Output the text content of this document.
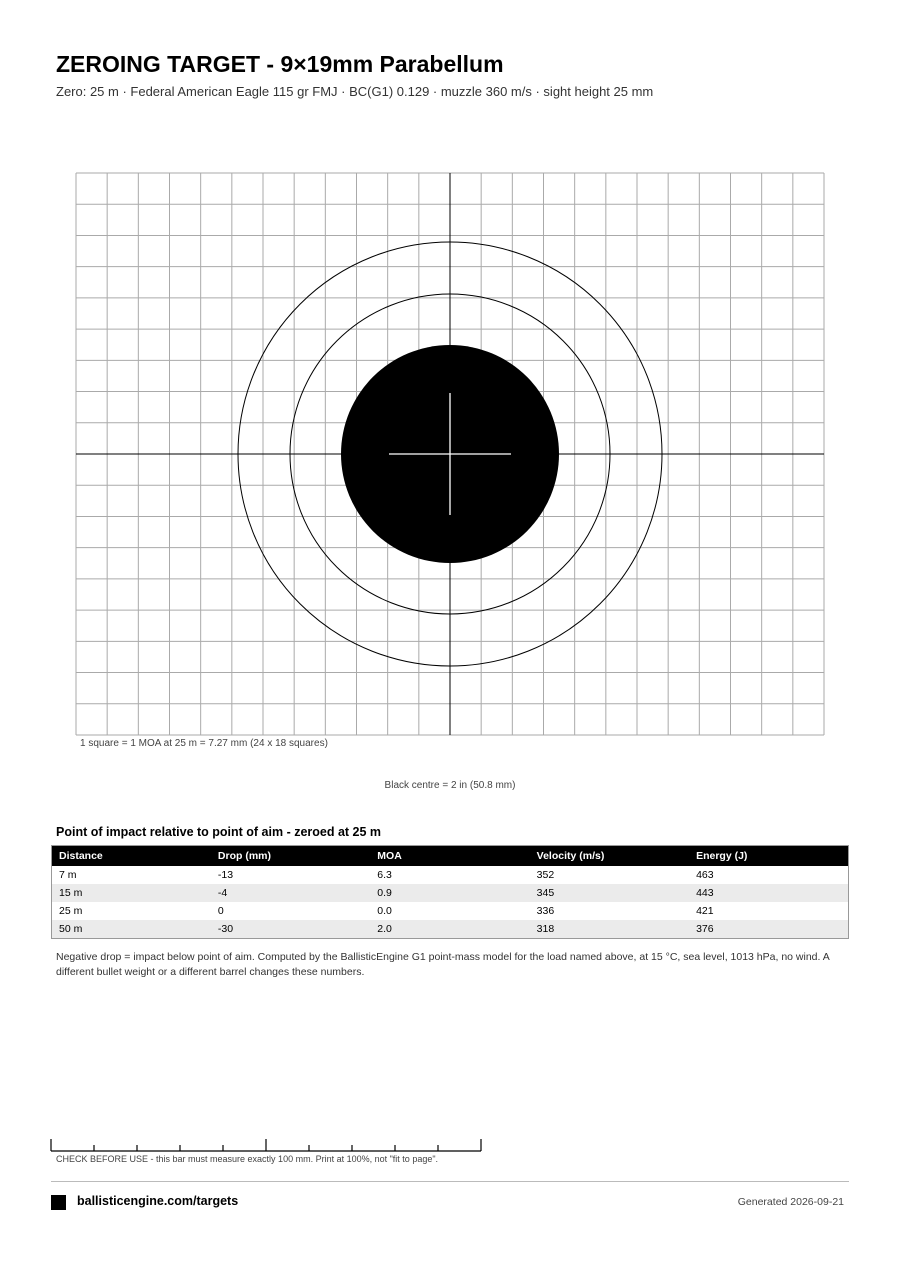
ZEROING TARGET - 9×19mm Parabellum
Zero: 25 m · Federal American Eagle 115 gr FMJ · BC(G1) 0.129 · muzzle 360 m/s · sight height 25 mm
1 square = 1 MOA at 25 m = 7.27 mm (24 x 18 squares)
Black centre = 2 in (50.8 mm)
Point of impact relative to point of aim - zeroed at 25 m
Distance	Drop (mm)	MOA	Velocity (m/s)	Energy (J)
7 m	-13	6.3	352	463
15 m	-4	0.9	345	443
25 m	0	0.0	336	421
50 m	-30	2.0	318	376
Negative drop = impact below point of aim. Computed by the BallisticEngine G1 point-mass model for the load named above, at 15 °C, sea level, 1013 hPa, no wind. A different bullet weight or a different barrel changes these numbers.
CHECK BEFORE USE - this bar must measure exactly 100 mm. Print at 100%, not "fit to page".
ballisticengine.com/targets	Generated 2026-09-21
